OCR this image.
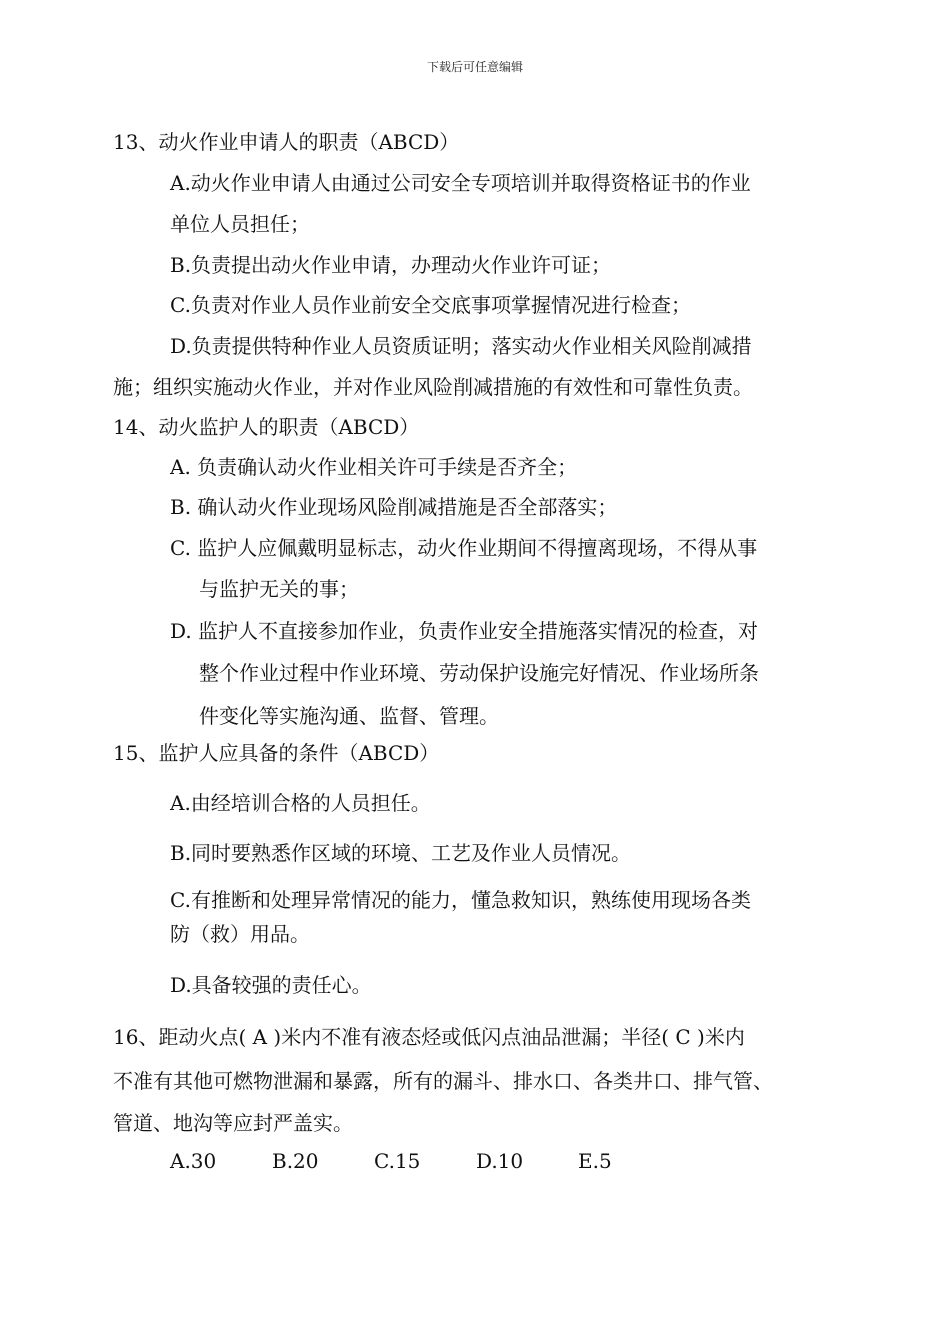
下载后可任意编辑
13、动火作业申请人的职责（ABCD）
A.动火作业申请人由通过公司安全专项培训并取得资格证书的作业
单位人员担任；
B.负责提出动火作业申请，办理动火作业许可证；
C.负责对作业人员作业前安全交底事项掌握情况进行检查；
D.负责提供特种作业人员资质证明；落实动火作业相关风险削减措
施；组织实施动火作业，并对作业风险削减措施的有效性和可靠性负责。
14、动火监护人的职责（ABCD）
A. 负责确认动火作业相关许可手续是否齐全；
B. 确认动火作业现场风险削减措施是否全部落实；
C. 监护人应佩戴明显标志，动火作业期间不得擅离现场，不得从事
与监护无关的事；
D. 监护人不直接参加作业，负责作业安全措施落实情况的检查，对
整个作业过程中作业环境、劳动保护设施完好情况、作业场所条
件变化等实施沟通、监督、管理。
15、监护人应具备的条件（ABCD）
A.由经培训合格的人员担任。
B.同时要熟悉作区域的环境、工艺及作业人员情况。
C.有推断和处理异常情况的能力，懂急救知识，熟练使用现场各类
防（救）用品。
D.具备较强的责任心。
16、距动火点( A )米内不准有液态烃或低闪点油品泄漏；半径( C )米内
不准有其他可燃物泄漏和暴露，所有的漏斗、排水口、各类井口、排气管、
管道、地沟等应封严盖实。
A.30	B.20	C.15	D.10	E.5
